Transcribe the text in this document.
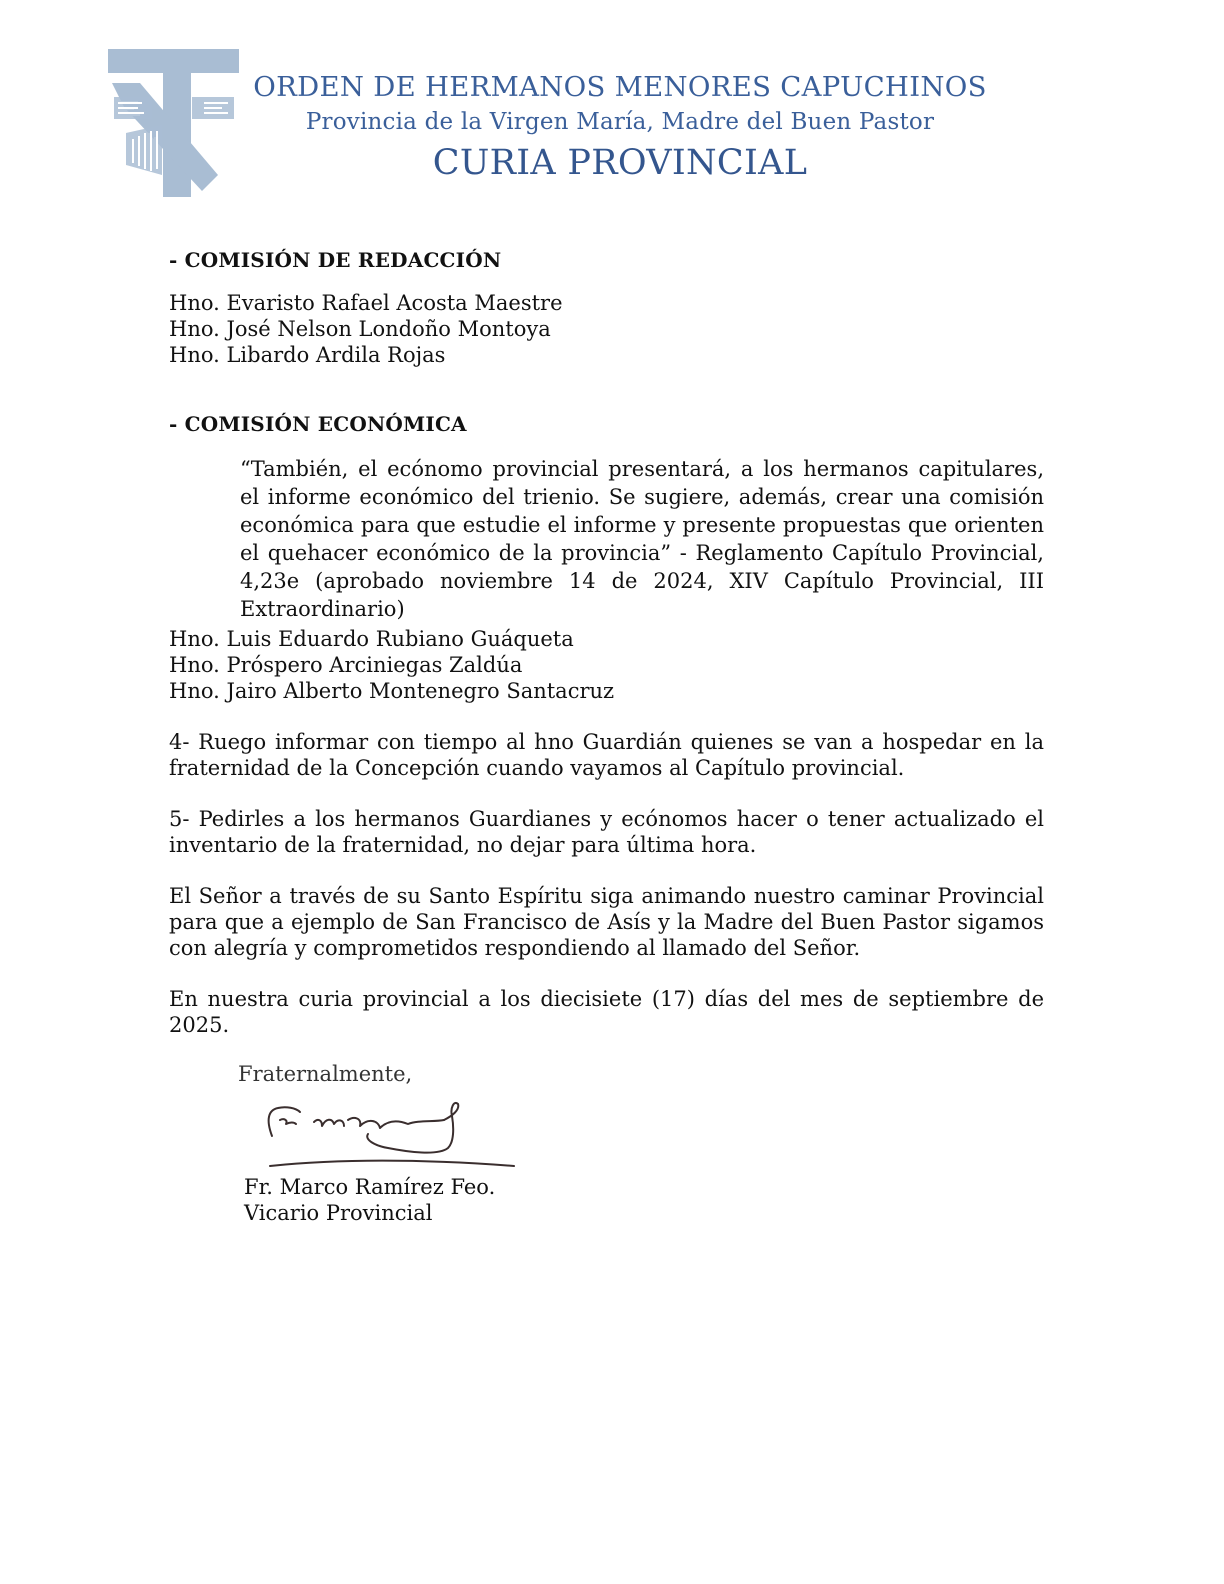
ORDEN DE HERMANOS MENORES CAPUCHINOS
Provincia de la Virgen María, Madre del Buen Pastor
CURIA PROVINCIAL
- COMISIÓN DE REDACCIÓN
Hno. Evaristo Rafael Acosta Maestre
Hno. José Nelson Londoño Montoya
Hno. Libardo Ardila Rojas
- COMISIÓN ECONÓMICA
“También, el ecónomo provincial presentará, a los hermanos capitulares, el informe económico del trienio. Se sugiere, además, crear una comisión económica para que estudie el informe y presente propuestas que orienten el quehacer económico de la provincia” - Reglamento Capítulo Provincial, 4,23e (aprobado noviembre 14 de 2024, XIV Capítulo Provincial, III Extraordinario)
Hno. Luis Eduardo Rubiano Guáqueta
Hno. Próspero Arciniegas Zaldúa
Hno. Jairo Alberto Montenegro Santacruz
4- Ruego informar con tiempo al hno Guardián quienes se van a hospedar en la fraternidad de la Concepción cuando vayamos al Capítulo provincial.
5- Pedirles a los hermanos Guardianes y ecónomos hacer o tener actualizado el inventario de la fraternidad, no dejar para última hora.
El Señor a través de su Santo Espíritu siga animando nuestro caminar Provincial para que a ejemplo de San Francisco de Asís y la Madre del Buen Pastor sigamos con alegría y comprometidos respondiendo al llamado del Señor.
En nuestra curia provincial a los diecisiete (17) días del mes de septiembre de 2025.
Fraternalmente,
Fr. Marco Ramírez Feo.
Vicario Provincial
